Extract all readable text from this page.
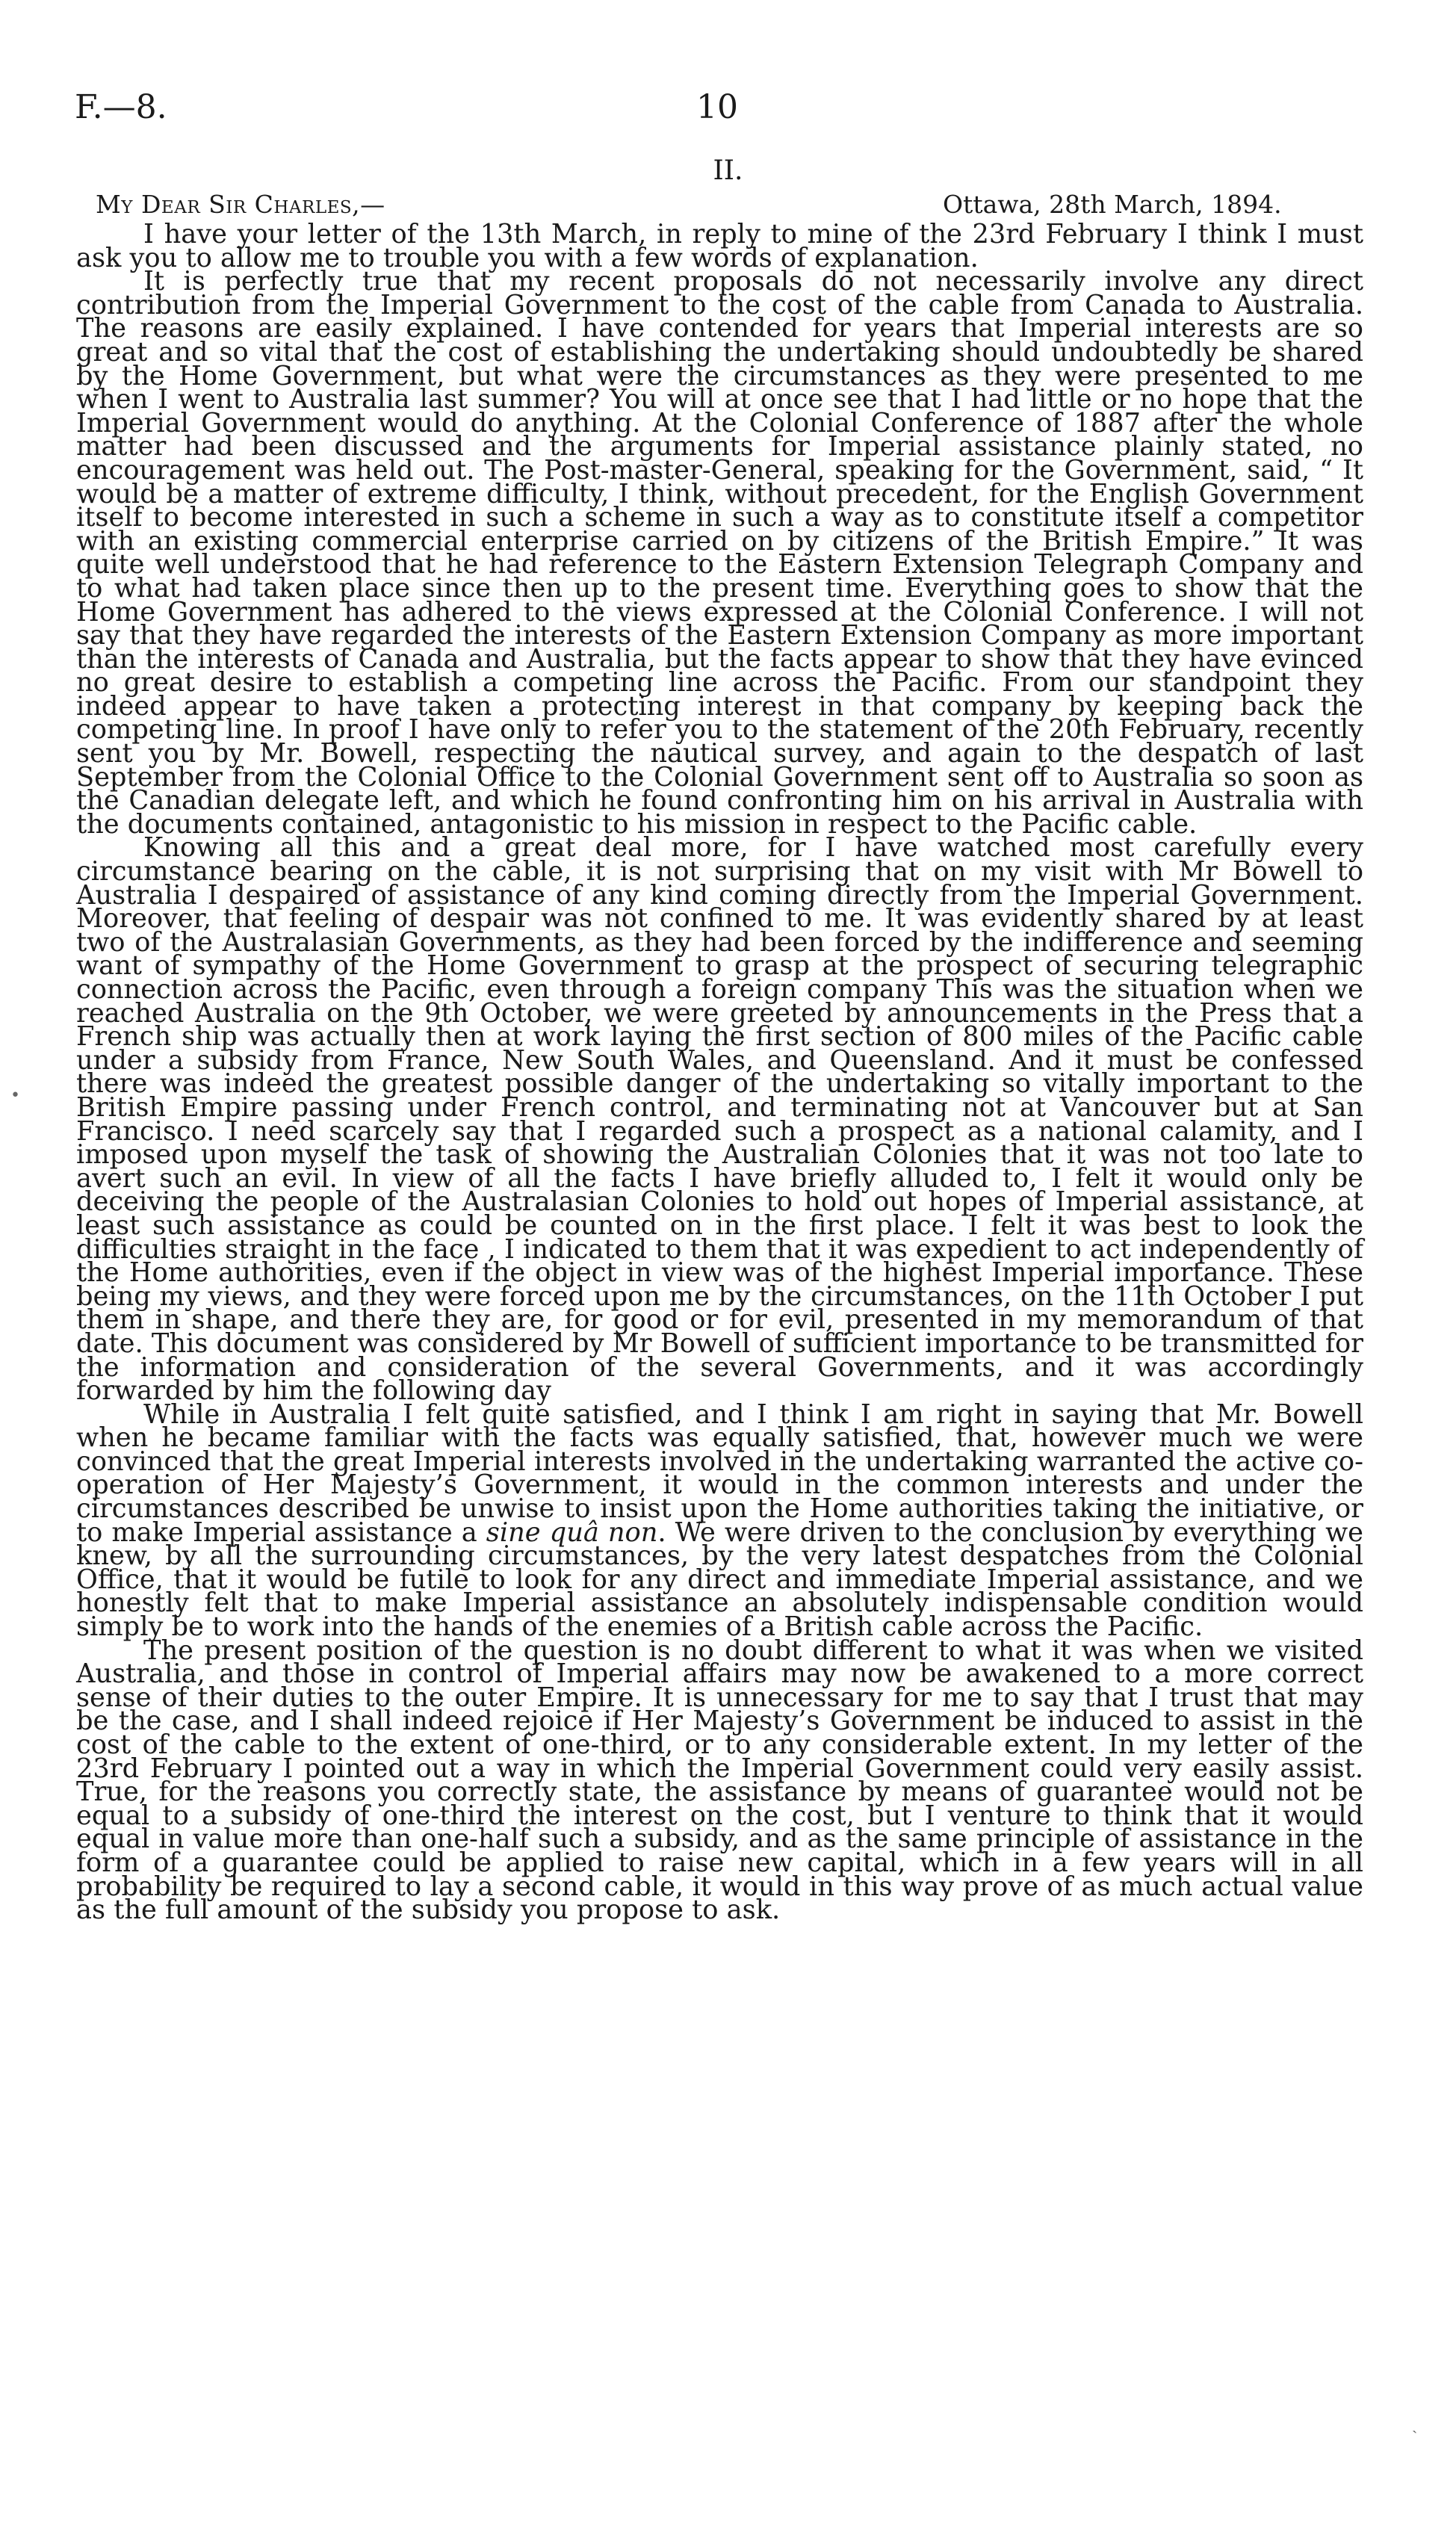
F.—8.	10
II.
My Dear Sir Charles,—	Ottawa, 28th March, 1894.

I have your letter of the 13th March, in reply to mine of the 23rd February I think I must ask you to allow me to trouble you with a few words of explanation.

It is perfectly true that my recent proposals do not necessarily involve any direct contribution from the Imperial Government to the cost of the cable from Canada to Australia. The reasons are easily explained. I have contended for years that Imperial interests are so great and so vital that the cost of establishing the undertaking should undoubtedly be shared by the Home Government, but what were the circumstances as they were presented to me when I went to Australia last summer? You will at once see that I had little or no hope that the Imperial Government would do anything. At the Colonial Conference of 1887 after the whole matter had been discussed and the arguments for Imperial assistance plainly stated, no encouragement was held out. The Post-master-General, speaking for the Government, said, “ It would be a matter of extreme difficulty, I think, without precedent, for the English Government itself to become interested in such a scheme in such a way as to constitute itself a competitor with an existing commercial enterprise carried on by citizens of the British Empire.” It was quite well understood that he had reference to the Eastern Extension Telegraph Company and to what had taken place since then up to the present time. Everything goes to show that the Home Government has adhered to the views expressed at the Colonial Conference. I will not say that they have regarded the interests of the Eastern Extension Company as more important than the interests of Canada and Australia, but the facts appear to show that they have evinced no great desire to establish a competing line across the Pacific. From our standpoint they indeed appear to have taken a protecting interest in that company by keeping back the competing line. In proof I have only to refer you to the statement of the 20th February, recently sent you by Mr. Bowell, respecting the nautical survey, and again to the despatch of last September from the Colonial Office to the Colonial Government sent off to Australia so soon as the Canadian delegate left, and which he found confronting him on his arrival in Australia with the documents contained, antagonistic to his mission in respect to the Pacific cable.

Knowing all this and a great deal more, for I have watched most carefully every circumstance bearing on the cable, it is not surprising that on my visit with Mr Bowell to Australia I despaired of assistance of any kind coming directly from the Imperial Government. Moreover, that feeling of despair was not confined to me. It was evidently shared by at least two of the Australasian Governments, as they had been forced by the indifference and seeming want of sympathy of the Home Government to grasp at the prospect of securing telegraphic connection across the Pacific, even through a foreign company This was the situation when we reached Australia on the 9th October, we were greeted by announcements in the Press that a French ship was actually then at work laying the first section of 800 miles of the Pacific cable under a subsidy from France, New South Wales, and Queensland. And it must be confessed there was indeed the greatest possible danger of the undertaking so vitally important to the British Empire passing under French control, and terminating not at Vancouver but at San Francisco. I need scarcely say that I regarded such a prospect as a national calamity, and I imposed upon myself the task of showing the Australian Colonies that it was not too late to avert such an evil. In view of all the facts I have briefly alluded to, I felt it would only be deceiving the people of the Australasian Colonies to hold out hopes of Imperial assistance, at least such assistance as could be counted on in the first place. I felt it was best to look the difficulties straight in the face , I indicated to them that it was expedient to act independently of the Home authorities, even if the object in view was of the highest Imperial importance. These being my views, and they were forced upon me by the circumstances, on the 11th October I put them in shape, and there they are, for good or for evil, presented in my memorandum of that date. This document was considered by Mr Bowell of sufficient importance to be transmitted for the information and consideration of the several Governments, and it was accordingly forwarded by him the following day

While in Australia I felt quite satisfied, and I think I am right in saying that Mr. Bowell when he became familiar with the facts was equally satisfied, that, however much we were convinced that the great Imperial interests involved in the undertaking warranted the active co-operation of Her Majesty’s Government, it would in the common interests and under the circumstances described be unwise to insist upon the Home authorities taking the initiative, or to make Imperial assistance a sine quâ non. We were driven to the conclusion by everything we knew, by all the surrounding circumstances, by the very latest despatches from the Colonial Office, that it would be futile to look for any direct and immediate Imperial assistance, and we honestly felt that to make Imperial assistance an absolutely indispensable condition would simply be to work into the hands of the enemies of a British cable across the Pacific.

The present position of the question is no doubt different to what it was when we visited Australia, and those in control of Imperial affairs may now be awakened to a more correct sense of their duties to the outer Empire. It is unnecessary for me to say that I trust that may be the case, and I shall indeed rejoice if Her Majesty’s Government be induced to assist in the cost of the cable to the extent of one-third, or to any considerable extent. In my letter of the 23rd February I pointed out a way in which the Imperial Government could very easily assist. True, for the reasons you correctly state, the assistance by means of guarantee would not be equal to a subsidy of one-third the interest on the cost, but I venture to think that it would equal in value more than one-half such a subsidy, and as the same principle of assistance in the form of a guarantee could be applied to raise new capital, which in a few years will in all probability be required to lay a second cable, it would in this way prove of as much actual value as the full amount of the subsidy you propose to ask.

•
ˏ
